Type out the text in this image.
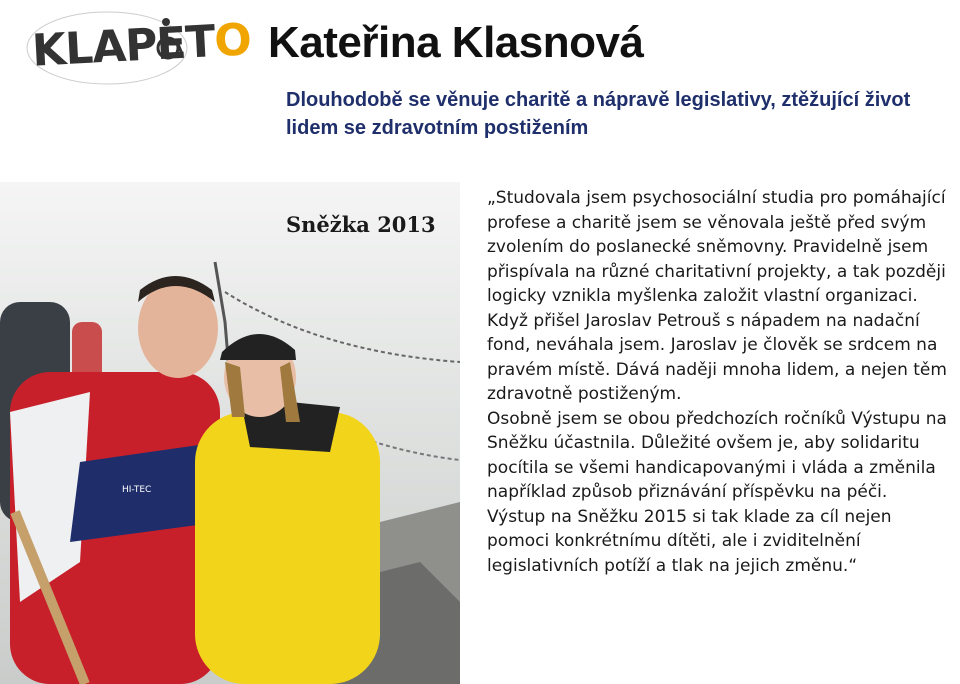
KLAPETO Kateřina Klasnová

Dlouhodobě se věnuje charitě a nápravě legislativy, ztěžující život lidem se zdravotním postižením

HI-TEC
Sněžka 2013

„Studovala jsem psychosociální studia pro pomáhající profese a charitě jsem se věnovala ještě před svým zvolením do poslanecké sněmovny. Pravidelně jsem přispívala na různé charitativní projekty, a tak později logicky vznikla myšlenka založit vlastní organizaci.

Když přišel Jaroslav Petrouš s nápadem na nadační fond, neváhala jsem. Jaroslav je člověk se srdcem na pravém místě. Dává naději mnoha lidem, a nejen těm zdravotně postiženým.

Osobně jsem se obou předchozích ročníků Výstupu na Sněžku účastnila. Důležité ovšem je, aby solidaritu pocítila se všemi handicapovanými i vláda a změnila například způsob přiznávání příspěvku na péči.

Výstup na Sněžku 2015 si tak klade za cíl nejen pomoci konkrétnímu dítěti, ale i zviditelnění legislativních potíží a tlak na jejich změnu.“
